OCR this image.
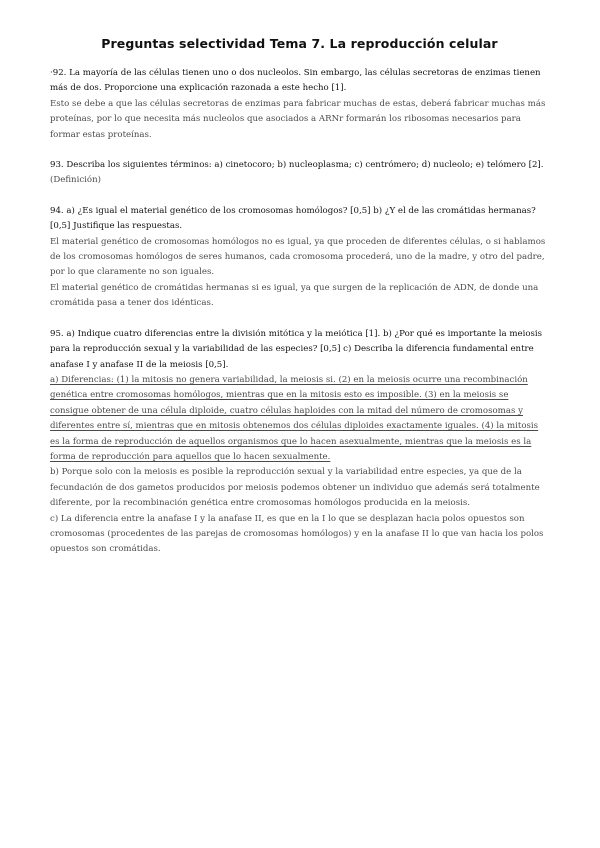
Preguntas selectividad Tema 7. La reproducción celular

·92. La mayoría de las células tienen uno o dos nucleolos. Sin embargo, las células secretoras de enzimas tienen más de dos. Proporcione una explicación razonada a este hecho [1].

Esto se debe a que las células secretoras de enzimas para fabricar muchas de estas, deberá fabricar muchas más proteínas, por lo que necesita más nucleolos que asociados a ARNr formarán los ribosomas necesarios para formar estas proteínas.

93. Describa los siguientes términos: a) cinetocoro; b) nucleoplasma; c) centrómero; d) nucleolo; e) telómero [2].

(Definición)

94. a) ¿Es igual el material genético de los cromosomas homólogos? [0,5] b) ¿Y el de las cromátidas hermanas? [0,5] Justifique las respuestas.

El material genético de cromosomas homólogos no es igual, ya que proceden de diferentes células, o si hablamos de los cromosomas homólogos de seres humanos, cada cromosoma procederá, uno de la madre, y otro del padre, por lo que claramente no son iguales.

El material genético de cromátidas hermanas si es igual, ya que surgen de la replicación de ADN, de donde una cromátida pasa a tener dos idénticas.

95. a) Indique cuatro diferencias entre la división mitótica y la meiótica [1]. b) ¿Por qué es importante la meiosis para la reproducción sexual y la variabilidad de las especies? [0,5] c) Describa la diferencia fundamental entre anafase I y anafase II de la meiosis [0,5].

a) Diferencias: (1) la mitosis no genera variabilidad, la meiosis si. (2) en la meiosis ocurre una recombinación genética entre cromosomas homólogos, mientras que en la mitosis esto es imposible. (3) en la meiosis se consigue obtener de una célula diploide, cuatro células haploides con la mitad del número de cromosomas y diferentes entre sí, mientras que en mitosis obtenemos dos células diploides exactamente iguales. (4) la mitosis es la forma de reproducción de aquellos organismos que lo hacen asexualmente, mientras que la meiosis es la forma de reproducción para aquellos que lo hacen sexualmente.

b) Porque solo con la meiosis es posible la reproducción sexual y la variabilidad entre especies, ya que de la fecundación de dos gametos producidos por meiosis podemos obtener un individuo que además será totalmente diferente, por la recombinación genética entre cromosomas homólogos producida en la meiosis.

c) La diferencia entre la anafase I y la anafase II, es que en la I lo que se desplazan hacia polos opuestos son cromosomas (procedentes de las parejas de cromosomas homólogos) y en la anafase II lo que van hacia los polos opuestos son cromátidas.
